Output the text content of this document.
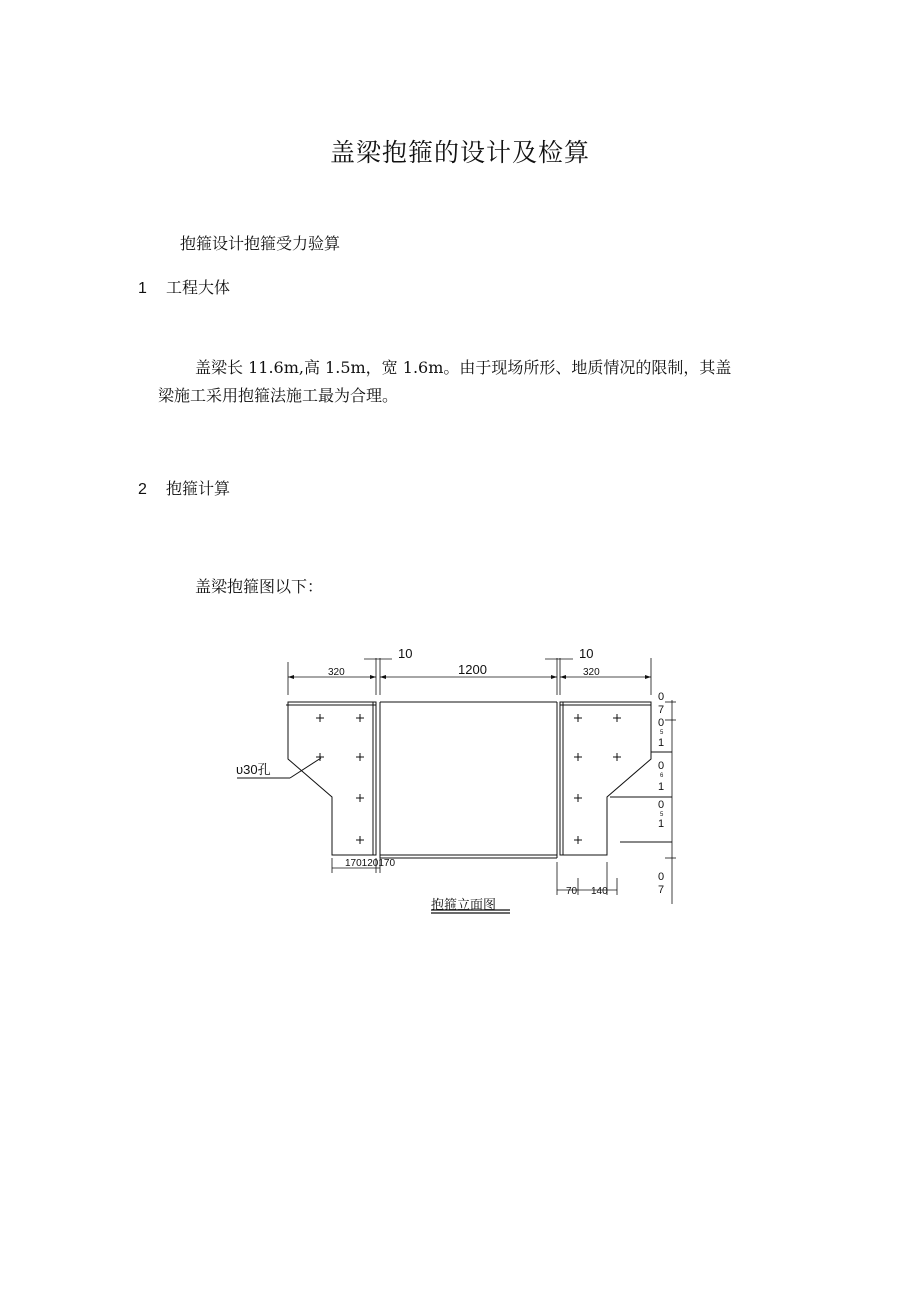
盖梁抱箍的设计及检算
抱箍设计抱箍受力验算
1 工程大体
盖梁长 11.6m,高 1.5m，宽 1.6m。由于现场所形、地质情况的限制，其盖
梁施工采用抱箍法施工最为合理。
2 抱箍计算
盖梁抱箍图以下：
10
320	1200
10
320
υ30孔
170120170
70 140
0
7
0
5
1
0
6
1
0
5
1
0
7
抱箍立面图
